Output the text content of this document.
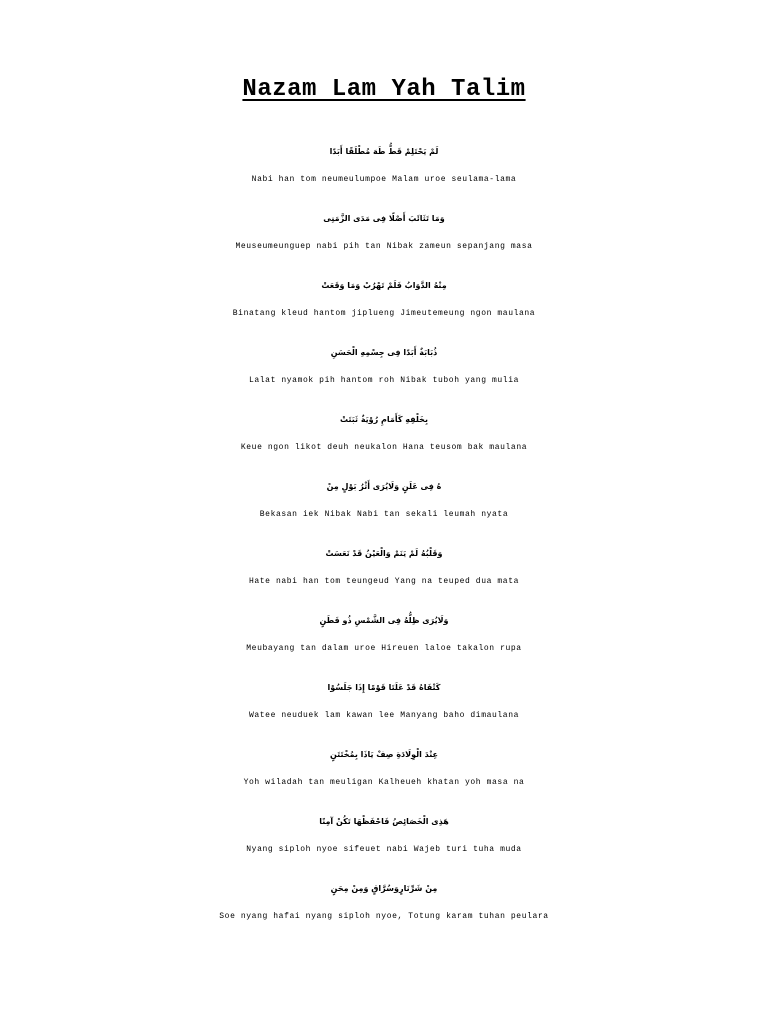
Nazam Lam Yah Talim
لَمْ يَحْتَلِمْ قَطُّ طَهَ مُطْلَقًا أَبَدًا
Nabi han tom neumeulumpoe Malam uroe seulama-lama
وَمَا تَثَائَبَ أَصْلًا فِى مَدَى الزَّمَنِى
Meuseumeunguep nabi pih tan Nibak zameun sepanjang masa
مِنْهُ الدَّوَابُ فَلَمْ تَهْرُبْ وَمَا وَقَعَتْ
Binatang kleud hantom jiplueng Jimeutemeung ngon maulana
ذُبَابَةٌ أَبَدًا فِى جِسْمِهِ الْحَسَنِ
Lalat nyamok pih hantom roh Nibak tuboh yang mulia
بِخَلْفِهِ كَأَمَامِ رُوْيَةٌ ثَبَتَتْ
Keue ngon likot deuh neukalon Hana teusom bak maulana
هُ فِى عَلَنٍ وَلَايُرَى أَثْرُ بَوْلٍ مِنْ
Bekasan iek Nibak Nabi tan sekali leumah nyata
وَقَلْبُهُ لَمْ يَنَمْ وَالْعَيْنُ قَدْ نَعَسَتْ
Hate nabi han tom teungeud Yang na teuped dua mata
وَلَايُرَى ظِلُّهُ فِى الشَّمْسِ ذُو فَطَنٍ
Meubayang tan dalam uroe Hireuen laloe takalon rupa
كَتْفَاهُ قَدْ عَلَتَا قَوْمًا إِذَا جَلَسُوْا
Watee neuduek lam kawan lee Manyang baho dimaulana
عِنْدَ الْوِلَادَةِ صِفْ يَاذَا بِمُخْتَتَنٍ
Yoh wiladah tan meuligan Kalheueh khatan yoh masa na
هَذِى الْخَصَائِصُ فَاحْفَظْهَا تَكُنْ آمِنًا
Nyang siploh nyoe sifeuet nabi Wajeb turi tuha muda
مِنْ شَرِّنَارٍوَسُرَّاقٍ وَمِنْ مِحَنٍ
Soe nyang hafai nyang siploh nyoe, Totung karam tuhan peulara
